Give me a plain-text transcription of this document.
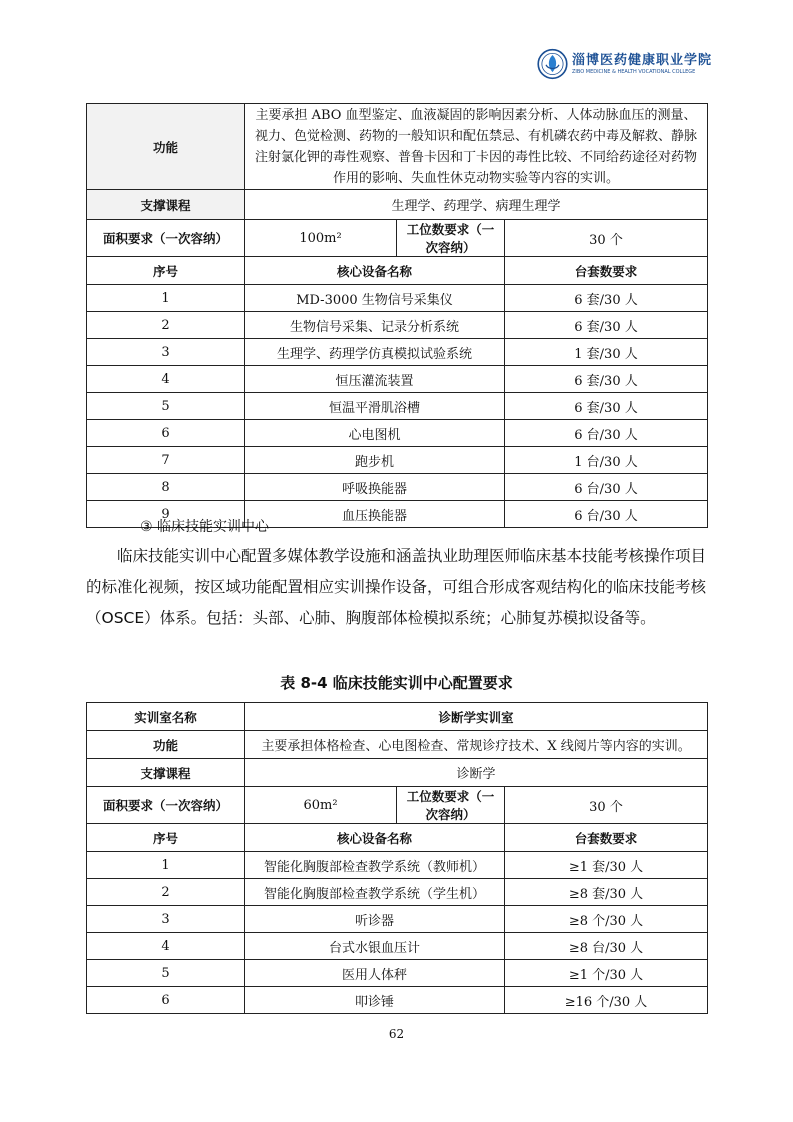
淄博医药健康职业学院
ZIBO MEDICINE & HEALTH VOCATIONAL COLLEGE
功能	主要承担 ABO 血型鉴定、血液凝固的影响因素分析、人体动脉血压的测量、视力、色觉检测、药物的一般知识和配伍禁忌、有机磷农药中毒及解救、静脉注射氯化钾的毒性观察、普鲁卡因和丁卡因的毒性比较、不同给药途径对药物作用的影响、失血性休克动物实验等内容的实训。		
支撑课程	生理学、药理学、病理生理学		
面积要求（一次容纳）	100m²	工位数要求（一次容纳）	30 个
序号	核心设备名称		台套数要求
1	MD-3000 生物信号采集仪		6 套/30 人
2	生物信号采集、记录分析系统		6 套/30 人
3	生理学、药理学仿真模拟试验系统		1 套/30 人
4	恒压灌流装置		6 套/30 人
5	恒温平滑肌浴槽		6 套/30 人
6	心电图机		6 台/30 人
7	跑步机		1 台/30 人
8	呼吸换能器		6 台/30 人
9	血压换能器		6 台/30 人
③ 临床技能实训中心
临床技能实训中心配置多媒体教学设施和涵盖执业助理医师临床基本技能考核操作项目的标准化视频，按区域功能配置相应实训操作设备，可组合形成客观结构化的临床技能考核（OSCE）体系。包括：头部、心肺、胸腹部体检模拟系统；心肺复苏模拟设备等。
表 8-4 临床技能实训中心配置要求
实训室名称	诊断学实训室		
功能	主要承担体格检查、心电图检查、常规诊疗技术、X 线阅片等内容的实训。		
支撑课程	诊断学		
面积要求（一次容纳）	60m²	工位数要求（一次容纳）	30 个
序号	核心设备名称		台套数要求
1	智能化胸腹部检查教学系统（教师机）		≥1 套/30 人
2	智能化胸腹部检查教学系统（学生机）		≥8 套/30 人
3	听诊器		≥8 个/30 人
4	台式水银血压计		≥8 台/30 人
5	医用人体秤		≥1 个/30 人
6	叩诊锤		≥16 个/30 人
62
